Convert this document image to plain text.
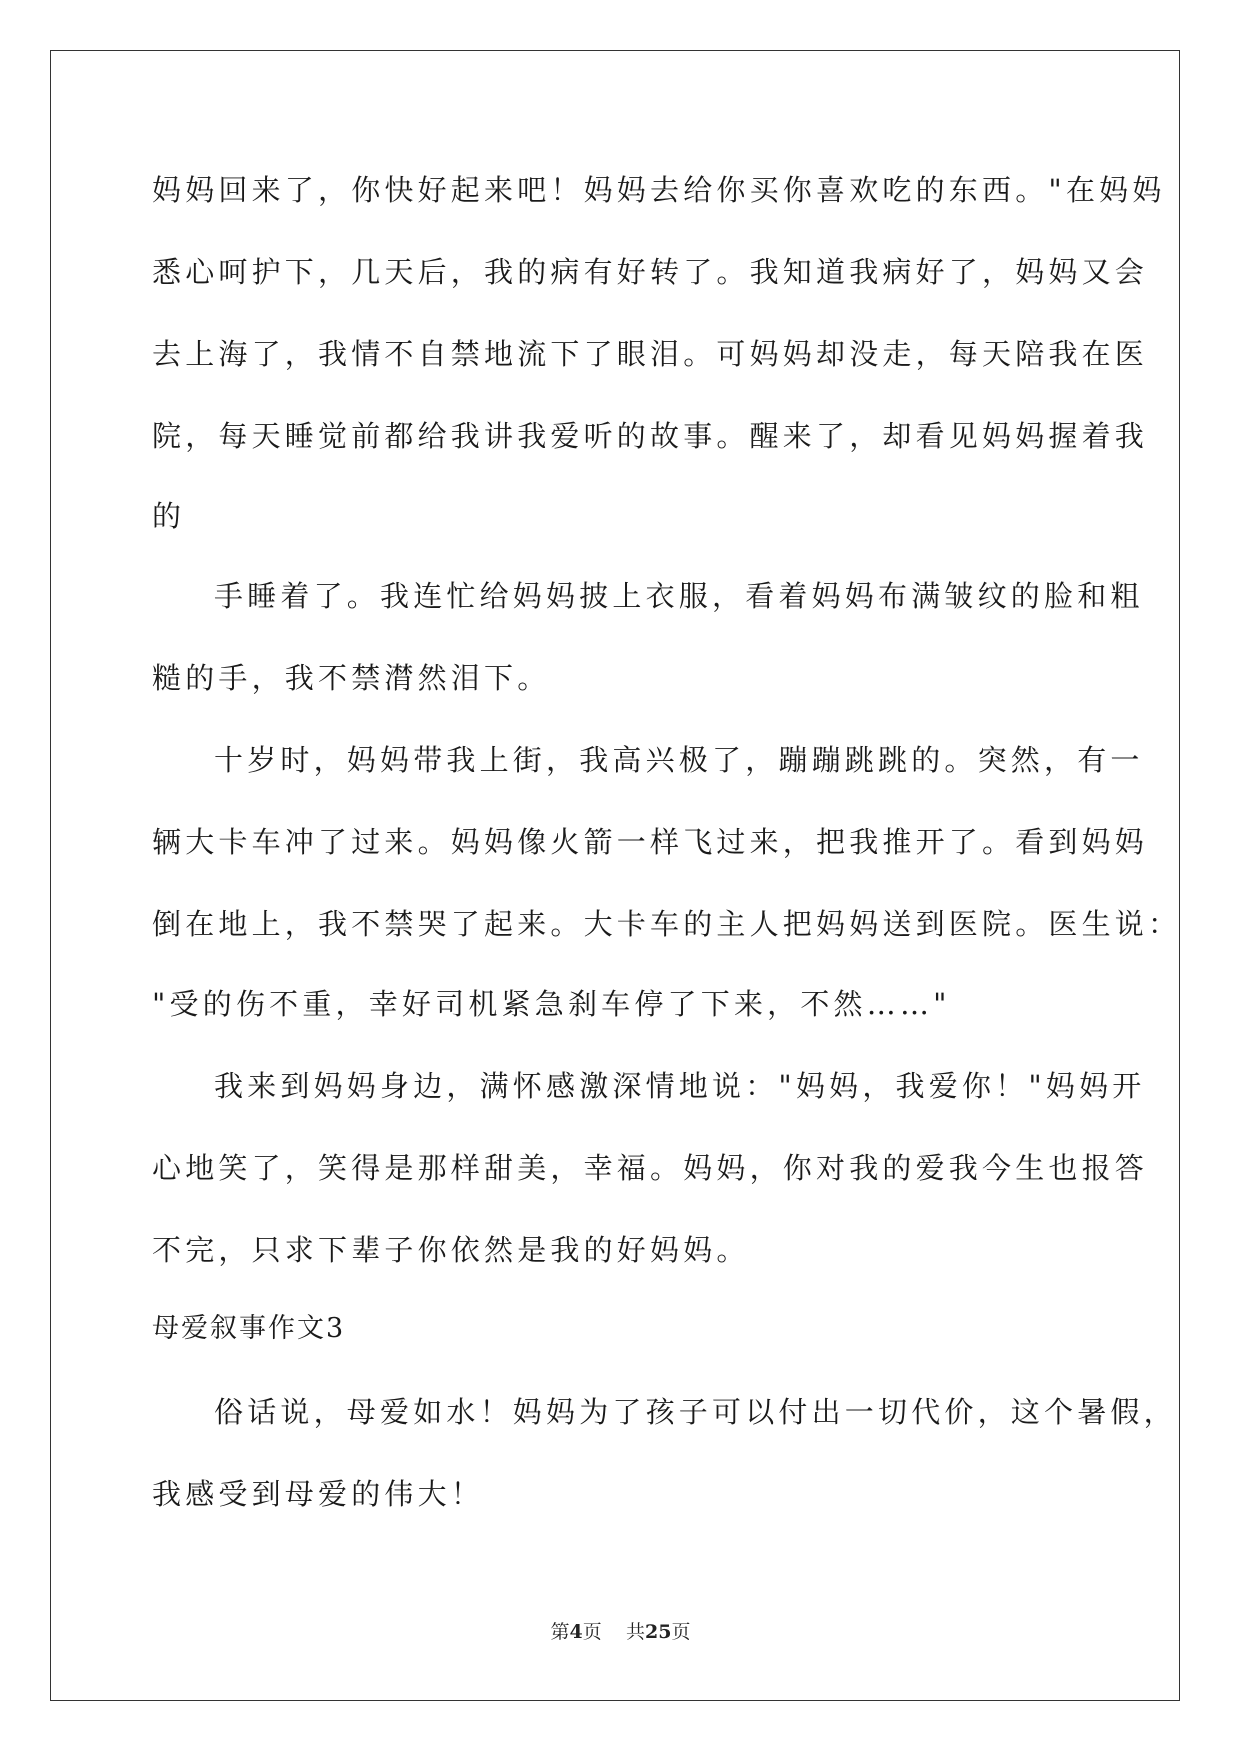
妈妈回来了，你快好起来吧！妈妈去给你买你喜欢吃的东西。"在妈妈
悉心呵护下，几天后，我的病有好转了。我知道我病好了，妈妈又会
去上海了，我情不自禁地流下了眼泪。可妈妈却没走，每天陪我在医
院，每天睡觉前都给我讲我爱听的故事。醒来了，却看见妈妈握着我
的
手睡着了。我连忙给妈妈披上衣服，看着妈妈布满皱纹的脸和粗
糙的手，我不禁潸然泪下。
十岁时，妈妈带我上街，我高兴极了，蹦蹦跳跳的。突然，有一
辆大卡车冲了过来。妈妈像火箭一样飞过来，把我推开了。看到妈妈
倒在地上，我不禁哭了起来。大卡车的主人把妈妈送到医院。医生说：
"受的伤不重，幸好司机紧急刹车停了下来，不然……"
我来到妈妈身边，满怀感激深情地说："妈妈，我爱你！"妈妈开
心地笑了，笑得是那样甜美，幸福。妈妈，你对我的爱我今生也报答
不完，只求下辈子你依然是我的好妈妈。
母爱叙事作文3
俗话说，母爱如水！妈妈为了孩子可以付出一切代价，这个暑假，
我感受到母爱的伟大！
第4页 共25页
